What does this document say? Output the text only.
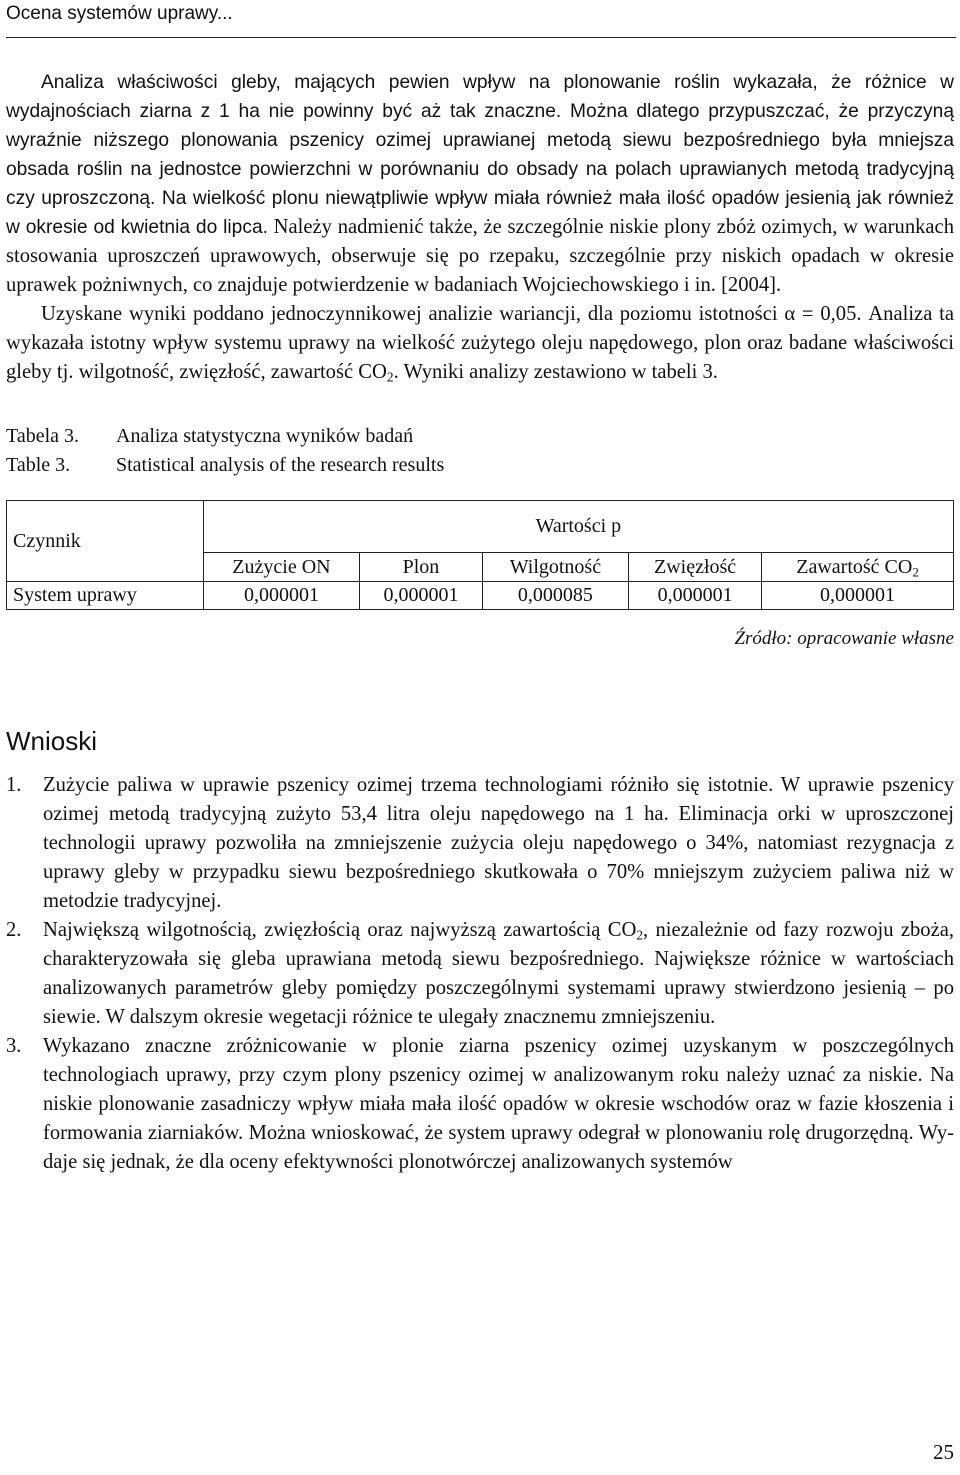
Ocena systemów uprawy...

Analiza właściwości gleby, mających pewien wpływ na plonowanie roślin wykazała, że różnice w wydajnościach ziarna z 1 ha nie powinny być aż tak znaczne. Można dlatego przypuszczać, że przyczyną wyraźnie niższego plonowania pszenicy ozimej uprawianej metodą siewu bezpośredniego była mniejsza obsada roślin na jednostce powierzchni w porównaniu do obsady na polach uprawianych metodą tradycyjną czy uproszczoną. Na wielkość plonu niewątpliwie wpływ miała również mała ilość opadów jesienią jak również w okresie od kwietnia do lipca. Należy nadmienić także, że szczególnie niskie plony zbóż ozimych, w warunkach stosowania uproszczeń uprawowych, obserwuje się po rzepaku, szczególnie przy niskich opadach w okresie uprawek pożniwnych, co znajduje potwierdzenie w badaniach Wojciechowskiego i in. [2004].

Uzyskane wyniki poddano jednoczynnikowej analizie wariancji, dla poziomu istotności α = 0,05. Analiza ta wykazała istotny wpływ systemu uprawy na wielkość zużytego oleju napędowego, plon oraz badane właściwości gleby tj. wilgotność, zwięzłość, zawartość $CO_2$. Wyniki analizy zestawiono w tabeli 3.

Tabela 3.	Analiza statystyczna wyników badań
Table 3.	Statistical analysis of the research results
Czynnik	Wartości p				
	Zużycie ON	Plon	Wilgotność	Zwięzłość	Zawartość $CO_2$
System uprawy	0,000001	0,000001	0,000085	0,000001	0,000001
Źródło: opracowanie własne
Wnioski
1. Zużycie paliwa w uprawie pszenicy ozimej trzema technologiami różniło się istotnie. W uprawie pszenicy ozimej metodą tradycyjną zużyto 53,4 litra oleju napędowego na 1 ha. Eliminacja orki w uproszczonej technologii uprawy pozwoliła na zmniejszenie zużycia oleju napędowego o 34%, natomiast rezygnacja z uprawy gleby w przypadku siewu bezpośredniego skutkowała o 70% mniejszym zużyciem paliwa niż w metodzie tradycyjnej.
2. Największą wilgotnością, zwięzłością oraz najwyższą zawartością $CO_2$, niezależnie od fazy rozwoju zboża, charakteryzowała się gleba uprawiana metodą siewu bezpośredniego. Największe różnice w wartościach analizowanych parametrów gleby pomiędzy poszczególnymi systemami uprawy stwierdzono jesienią – po siewie. W dalszym okresie wegetacji różnice te ulegały znacznemu zmniejszeniu.
3. Wykazano znaczne zróżnicowanie w plonie ziarna pszenicy ozimej uzyskanym w poszczególnych technologiach uprawy, przy czym plony pszenicy ozimej w analizowanym roku należy uznać za niskie. Na niskie plonowanie zasadniczy wpływ miała mała ilość opadów w okresie wschodów oraz w fazie kłoszenia i formowania ziarniaków. Można wnioskować, że system uprawy odegrał w plonowaniu rolę drugorzędną. Wydaje się jednak, że dla oceny efektywności plonotwórczej analizowanych systemów
25
